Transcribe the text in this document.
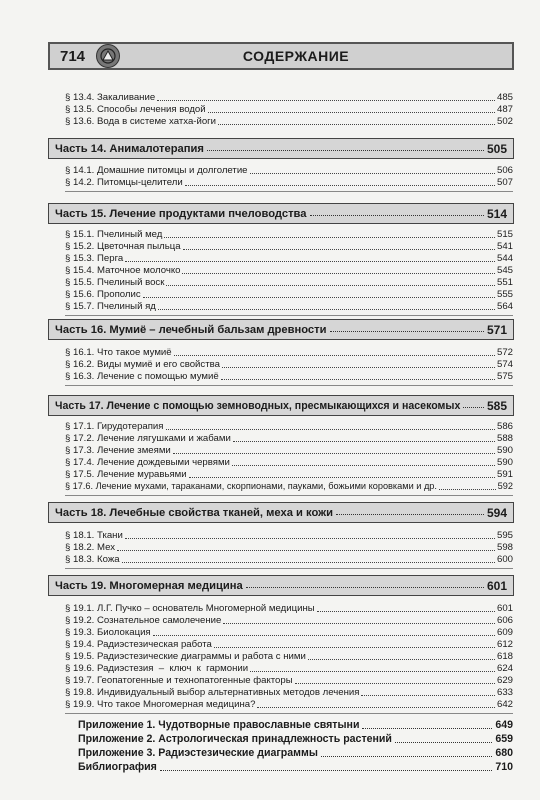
714	СОДЕРЖАНИЕ
§ 13.4. Закаливание	485
§ 13.5. Способы лечения водой	487
§ 13.6. Вода в системе хатха-йоги	502
Часть 14. Анималотерапия	505
§ 14.1. Домашние питомцы и долголетие	506
§ 14.2. Питомцы-целители	507
Часть 15. Лечение продуктами пчеловодства	514
§ 15.1. Пчелиный мед	515
§ 15.2. Цветочная пыльца	541
§ 15.3. Перга	544
§ 15.4. Маточное молочко	545
§ 15.5. Пчелиный воск	551
§ 15.6. Прополис	555
§ 15.7. Пчелиный яд	564
Часть 16. Мумиё – лечебный бальзам древности	571
§ 16.1. Что такое мумиё	572
§ 16.2. Виды мумиё и его свойства	574
§ 16.3. Лечение с помощью мумиё	575
Часть 17. Лечение с помощью земноводных, пресмыкающихся и насекомых 585
§ 17.1. Гирудотерапия	586
§ 17.2. Лечение лягушками и жабами	588
§ 17.3. Лечение змеями	590
§ 17.4. Лечение дождевыми червями	590
§ 17.5. Лечение муравьями	591
§ 17.6. Лечение мухами, тараканами, скорпионами, пауками, божьими коровками и др.	592
Часть 18. Лечебные свойства тканей, меха и кожи	594
§ 18.1. Ткани	595
§ 18.2. Мех	598
§ 18.3. Кожа	600
Часть 19. Многомерная медицина	601
§ 19.1. Л.Г. Пучко – основатель Многомерной медицины	601
§ 19.2. Сознательное самолечение	606
§ 19.3. Биолокация	609
§ 19.4. Радиэстезическая работа	612
§ 19.5. Радиэстезические диаграммы и работа с ними	618
§ 19.6. Радиэстезия  –  ключ  к  гармонии	624
§ 19.7. Геопатогенные и технопатогенные факторы	629
§ 19.8. Индивидуальный выбор альтернативных методов лечения	633
§ 19.9. Что такое Многомерная медицина?	642
Приложение 1. Чудотворные православные святыни	649
Приложение 2. Астрологическая принадлежность растений	659
Приложение 3. Радиэстезические диаграммы	680
Библиография	710
